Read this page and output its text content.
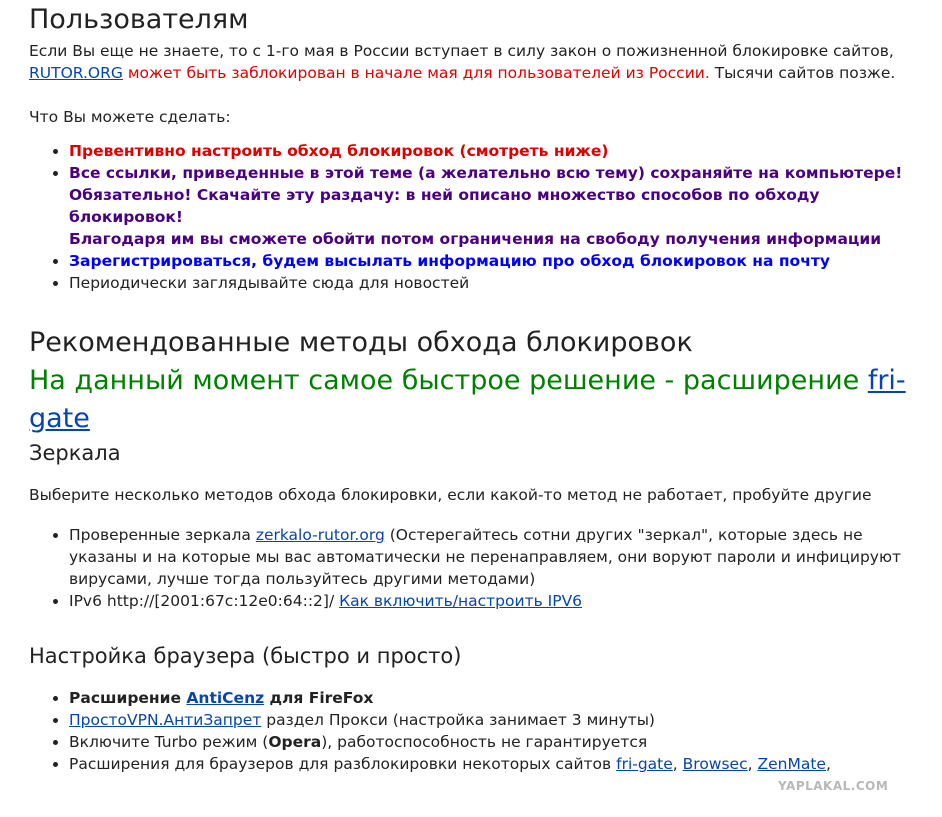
Пользователям

Если Вы еще не знаете, то с 1-го мая в России вступает в силу закон о пожизненной блокировке сайтов,
RUTOR.ORG может быть заблокирован в начале мая для пользователей из России. Тысячи сайтов позже.

Что Вы можете сделать:

• Превентивно настроить обход блокировок (смотреть ниже)
• Все ссылки, приведенные в этой теме (а желательно всю тему) сохраняйте на компьютере! Обязательно! Скачайте эту раздачу: в ней описано множество способов по обходу блокировок!
Благодаря им вы сможете обойти потом ограничения на свободу получения информации
• Зарегистрироваться, будем высылать информацию про обход блокировок на почту
• Периодически заглядывайте сюда для новостей
Рекомендованные методы обхода блокировок
На данный момент самое быстрое решение - расширение fri-gate
Зеркала

Выберите несколько методов обхода блокировки, если какой-то метод не работает, пробуйте другие

• Проверенные зеркала zerkalo-rutor.org (Остерегайтесь сотни других "зеркал", которые здесь не указаны и на которые мы вас автоматически не перенаправляем, они воруют пароли и инфицируют вирусами, лучше тогда пользуйтесь другими методами)
• IPv6 http://[2001:67c:12e0:64::2]/ Как включить/настроить IPV6
Настройка браузера (быстро и просто)
• Расширение AntiCenz для FireFox
• ПростоVPN.АнтиЗапрет раздел Прокси (настройка занимает 3 минуты)
• Включите Turbo режим (Opera), работоспособность не гарантируется
• Расширения для браузеров для разблокировки некоторых сайтов fri-gate, Browsec, ZenMate,
YAPLAKAL.COM
